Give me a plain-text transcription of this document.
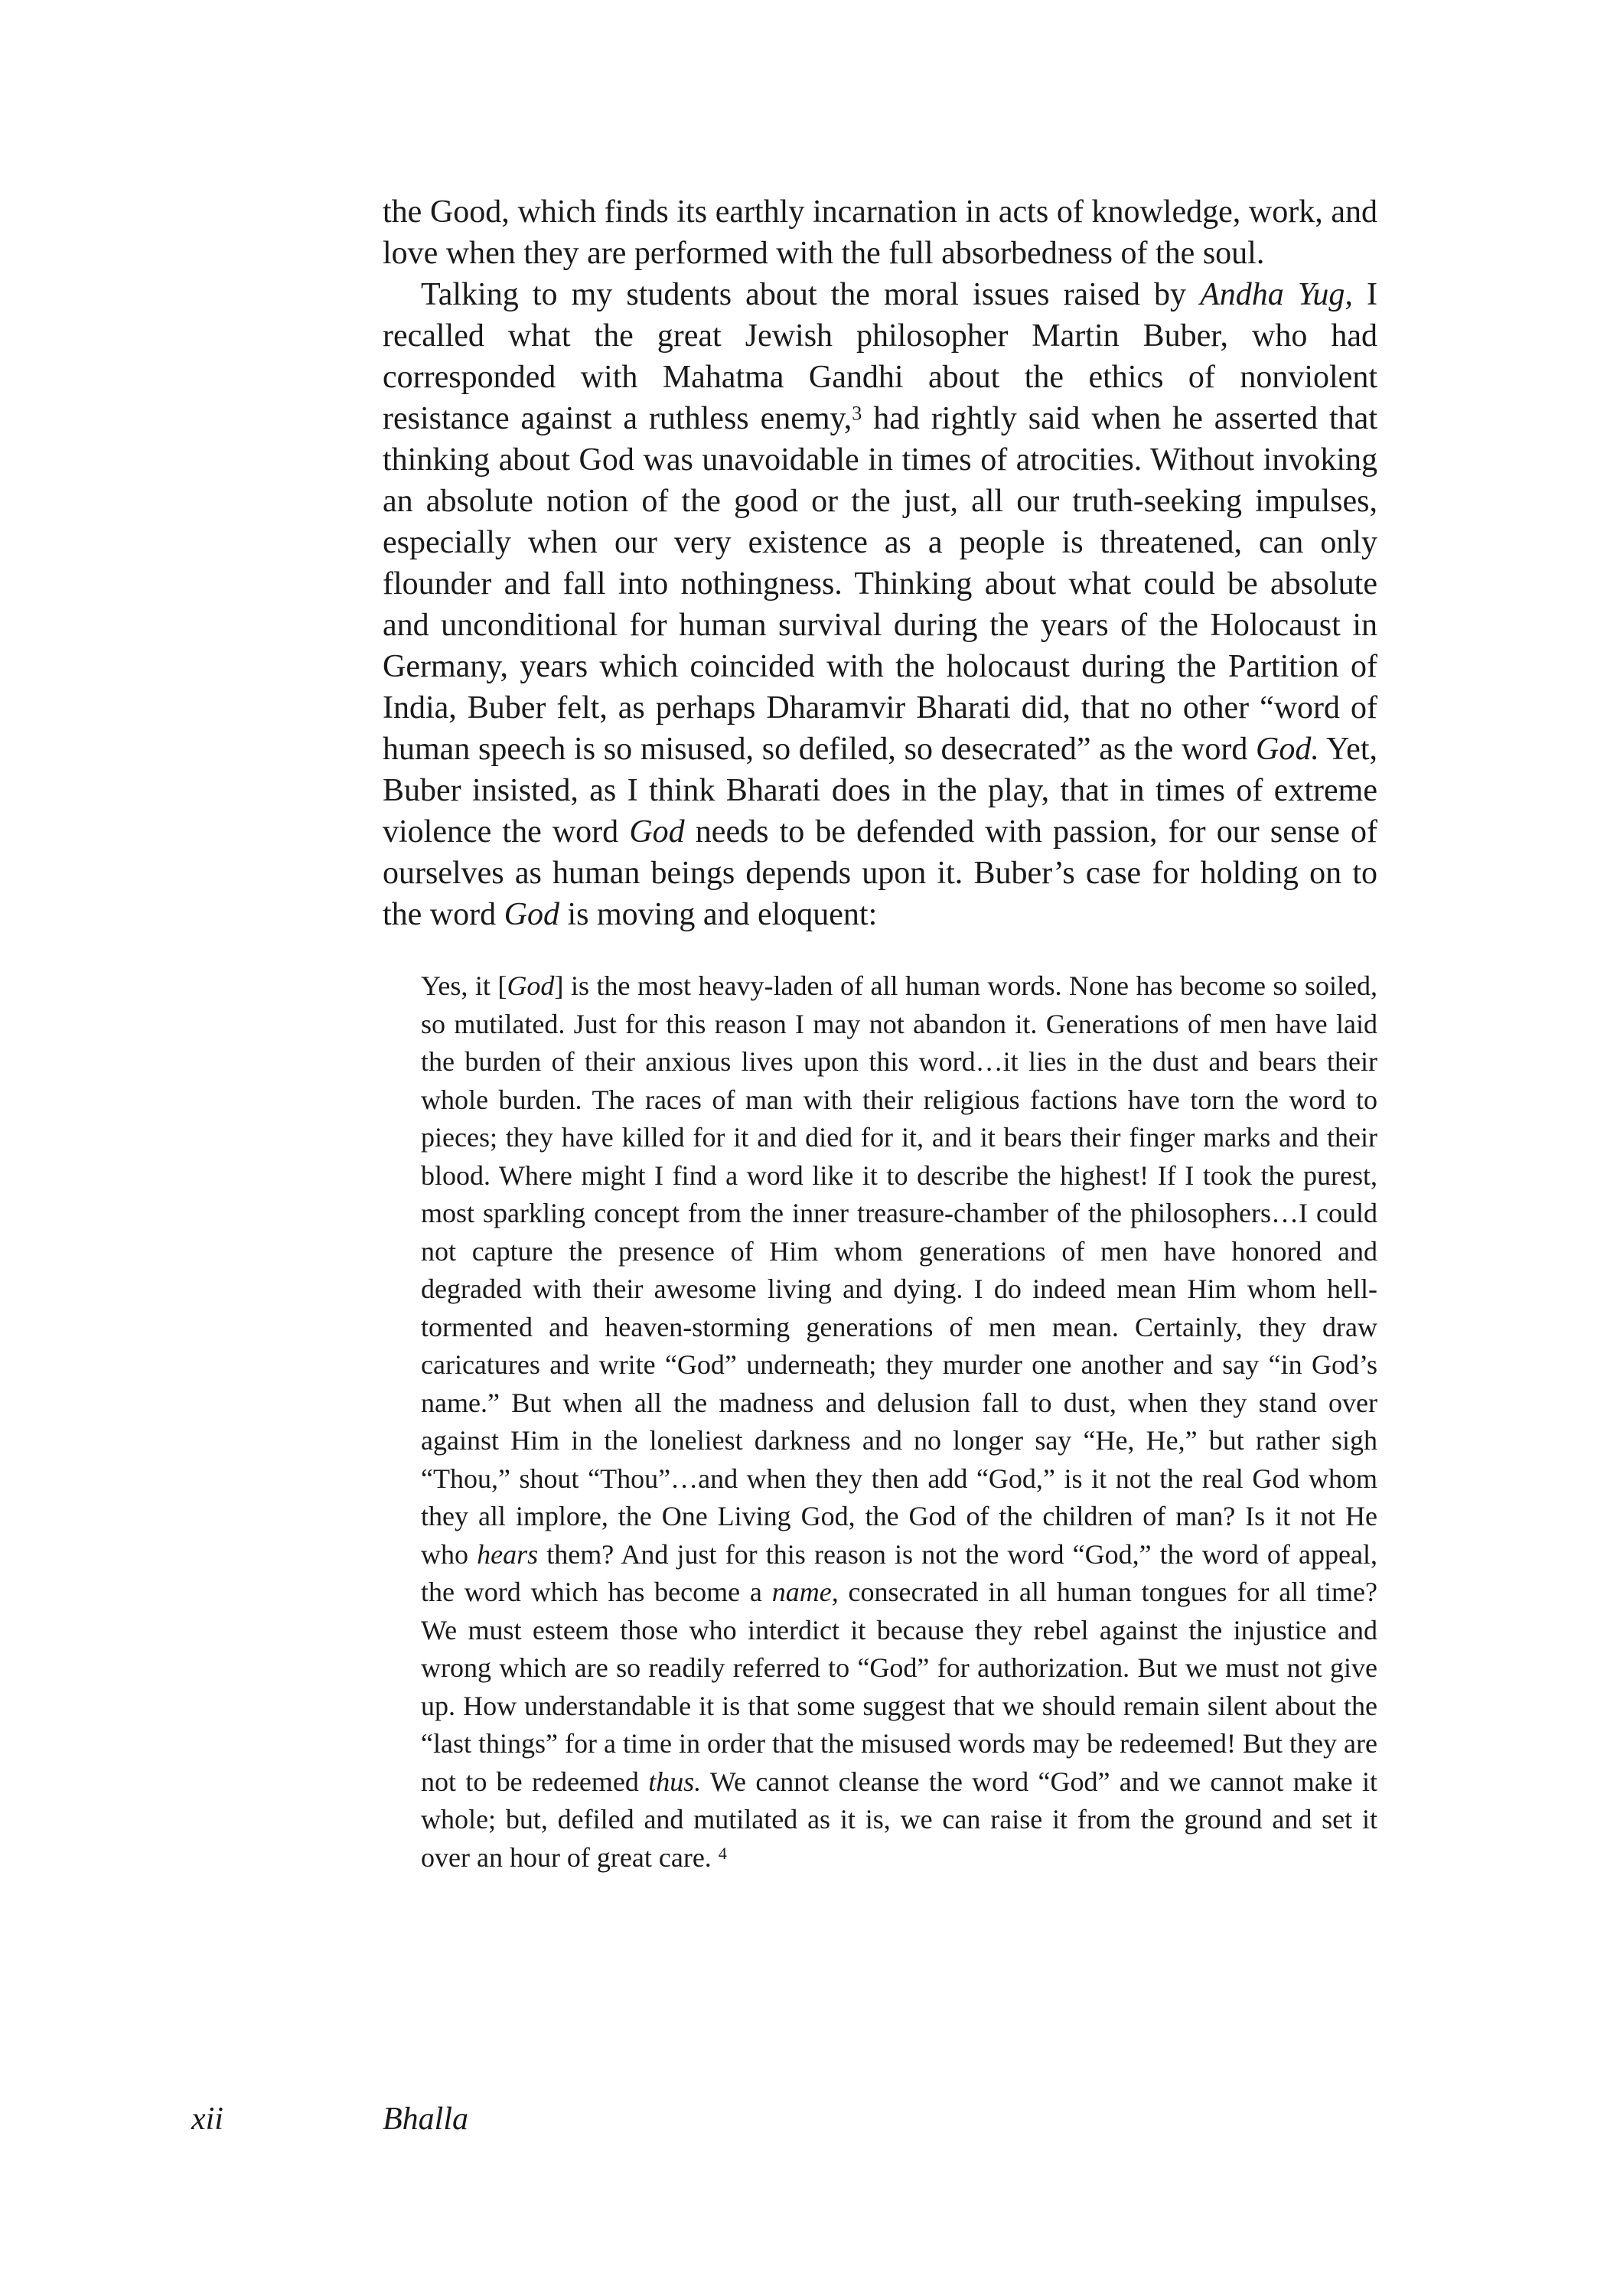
the Good, which finds its earthly incarnation in acts of knowledge, work, and love when they are performed with the full absorbedness of the soul.

Talking to my students about the moral issues raised by Andha Yug, I recalled what the great Jewish philosopher Martin Buber, who had corresponded with Mahatma Gandhi about the ethics of nonviolent resistance against a ruthless enemy,$^3$ had rightly said when he asserted that thinking about God was unavoidable in times of atrocities. Without invoking an absolute notion of the good or the just, all our truth-seeking impulses, especially when our very existence as a people is threatened, can only flounder and fall into nothingness. Thinking about what could be absolute and unconditional for human survival during the years of the Holocaust in Germany, years which coincided with the holocaust during the Partition of India, Buber felt, as perhaps Dharamvir Bharati did, that no other “word of human speech is so misused, so defiled, so desecrated” as the word God. Yet, Buber insisted, as I think Bharati does in the play, that in times of extreme violence the word God needs to be defended with passion, for our sense of ourselves as human beings depends upon it. Buber’s case for holding on to the word God is moving and eloquent:

Yes, it [God] is the most heavy-laden of all human words. None has become so soiled, so mutilated. Just for this reason I may not abandon it. Generations of men have laid the burden of their anxious lives upon this word…it lies in the dust and bears their whole burden. The races of man with their religious factions have torn the word to pieces; they have killed for it and died for it, and it bears their finger marks and their blood. Where might I find a word like it to describe the highest! If I took the purest, most sparkling concept from the inner treasure-chamber of the philosophers…I could not capture the presence of Him whom generations of men have honored and degraded with their awesome living and dying. I do indeed mean Him whom hell-tormented and heaven-storming generations of men mean. Certainly, they draw caricatures and write “God” underneath; they murder one another and say “in God’s name.” But when all the madness and delusion fall to dust, when they stand over against Him in the loneliest darkness and no longer say “He, He,” but rather sigh “Thou,” shout “Thou”…and when they then add “God,” is it not the real God whom they all implore, the One Living God, the God of the children of man? Is it not He who hears them? And just for this reason is not the word “God,” the word of appeal, the word which has become a name, consecrated in all human tongues for all time? We must esteem those who interdict it because they rebel against the injustice and wrong which are so readily referred to “God” for authorization. But we must not give up. How understandable it is that some suggest that we should remain silent about the “last things” for a time in order that the misused words may be redeemed! But they are not to be redeemed thus. We cannot cleanse the word “God” and we cannot make it whole; but, defiled and mutilated as it is, we can raise it from the ground and set it over an hour of great care. $^4$

xii	Bhalla
